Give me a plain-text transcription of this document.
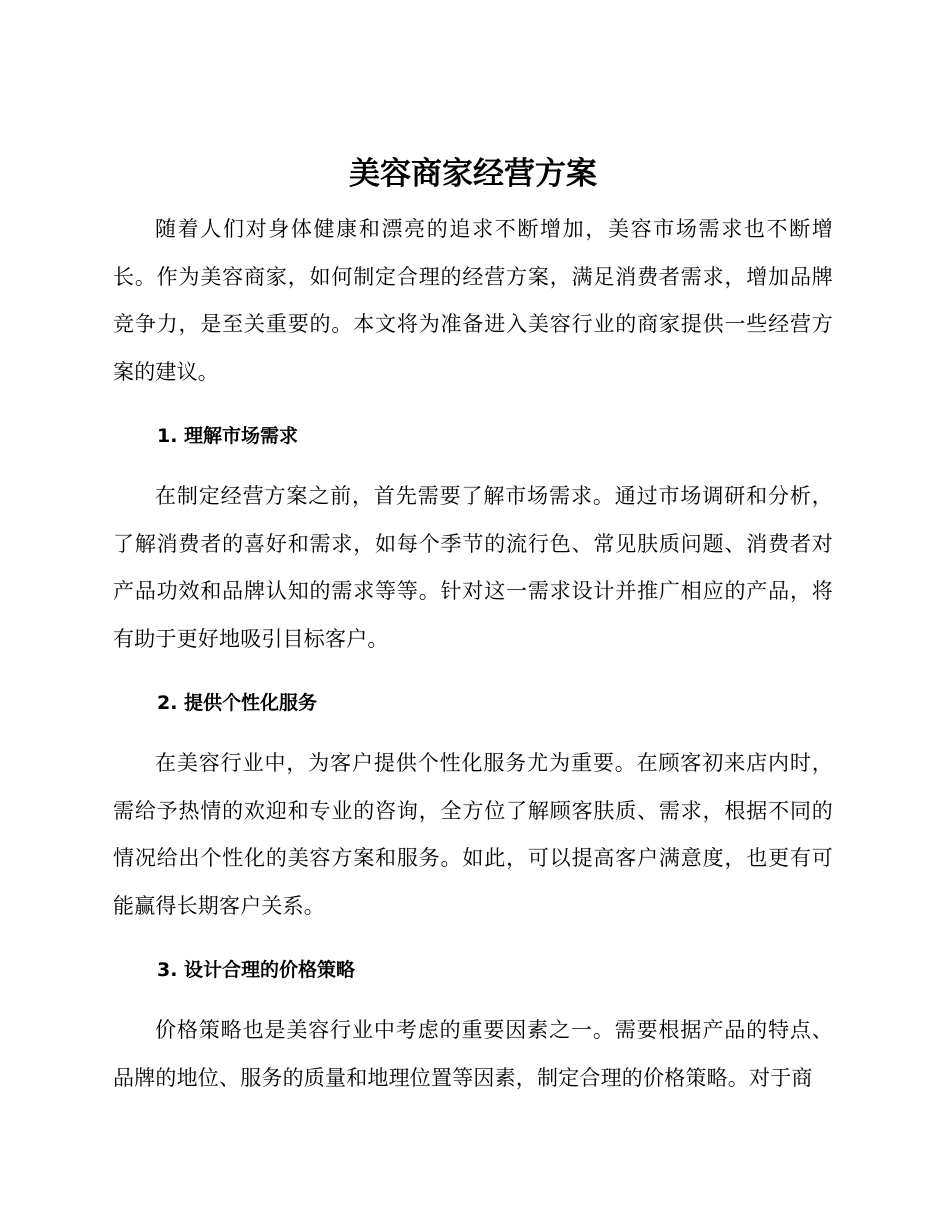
美容商家经营方案

随着人们对身体健康和漂亮的追求不断增加，美容市场需求也不断增长。作为美容商家，如何制定合理的经营方案，满足消费者需求，增加品牌竞争力，是至关重要的。本文将为准备进入美容行业的商家提供一些经营方案的建议。

1. 理解市场需求

在制定经营方案之前，首先需要了解市场需求。通过市场调研和分析，了解消费者的喜好和需求，如每个季节的流行色、常见肤质问题、消费者对产品功效和品牌认知的需求等等。针对这一需求设计并推广相应的产品，将有助于更好地吸引目标客户。

2. 提供个性化服务

在美容行业中，为客户提供个性化服务尤为重要。在顾客初来店内时，需给予热情的欢迎和专业的咨询，全方位了解顾客肤质、需求，根据不同的情况给出个性化的美容方案和服务。如此，可以提高客户满意度，也更有可能赢得长期客户关系。

3. 设计合理的价格策略

价格策略也是美容行业中考虑的重要因素之一。需要根据产品的特点、品牌的地位、服务的质量和地理位置等因素，制定合理的价格策略。对于商
